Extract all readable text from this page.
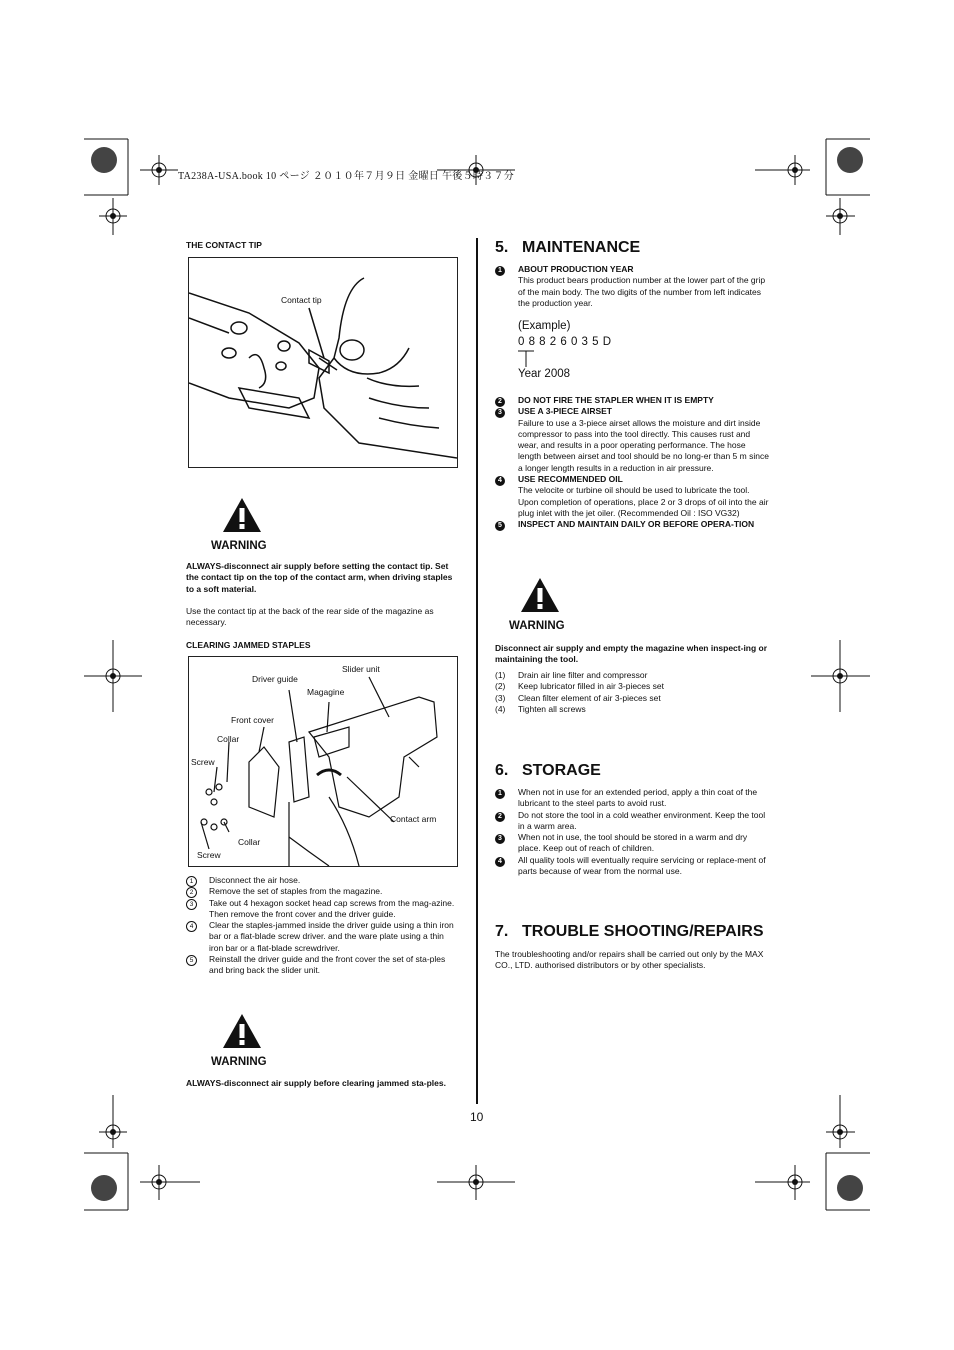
TA238A-USA.book 10 ページ ２０１０年７月９日 金曜日 午後５時３７分
THE CONTACT TIP
Contact tip
WARNING
ALWAYS-disconnect air supply before setting the contact tip. Set the contact tip on the top of the contact arm, when driving staples to a soft material.
Use the contact tip at the back of the rear side of the magazine as necessary.
CLEARING JAMMED STAPLES
Slider unit
Driver guide
Magagine
Front cover
Collar
Screw
Contact arm
Collar
Screw
1	Disconnect the air hose.
2	Remove the set of staples from the magazine.
3	Take out 4 hexagon socket head cap screws from the mag-azine.
Then remove the front cover and the driver guide.
4	Clear the staples-jammed inside the driver guide using a thin iron bar or a flat-blade screw driver. and the ware plate using a thin iron bar or a flat-blade screwdriver.
5	Reinstall the driver guide and the front cover the set of sta-ples and bring back the slider unit.
WARNING
ALWAYS-disconnect air supply before clearing jammed sta-ples.
5. MAINTENANCE
1	ABOUT PRODUCTION YEAR
This product bears production number at the lower part of the grip of the main body. The two digits of the number from left indicates the production year.
(Example)
0 8 8 2 6 0 3 5 D
Year 2008
2	DO NOT FIRE THE STAPLER WHEN IT IS EMPTY
3	USE A 3-PIECE AIRSET
Failure to use a 3-piece airset allows the moisture and dirt inside compressor to pass into the tool directly. This causes rust and wear, and results in a poor operating performance. The hose length between airset and tool should be no long-er than 5 m since a longer length results in a reduction in air pressure.
4	USE RECOMMENDED OIL
The velocite or turbine oil should be used to lubricate the tool. Upon completion of operations, place 2 or 3 drops of oil into the air plug inlet with the jet oiler. (Recommended Oil : ISO VG32)
5	INSPECT AND MAINTAIN DAILY OR BEFORE OPERA-TION
WARNING
Disconnect air supply and empty the magazine when inspect-ing or maintaining the tool.
(1)	Drain air line filter and compressor
(2)	Keep lubricator filled in air 3-pieces set
(3)	Clean filter element of air 3-pieces set
(4)	Tighten all screws
6. STORAGE
1	When not in use for an extended period, apply a thin coat of the lubricant to the steel parts to avoid rust.
2	Do not store the tool in a cold weather environment. Keep the tool in a warm area.
3	When not in use, the tool should be stored in a warm and dry place. Keep out of reach of children.
4	All quality tools will eventually require servicing or replace-ment of parts because of wear from the normal use.
7. TROUBLE SHOOTING/REPAIRS
The troubleshooting and/or repairs shall be carried out only by the MAX CO., LTD. authorised distributors or by other specialists.
10
